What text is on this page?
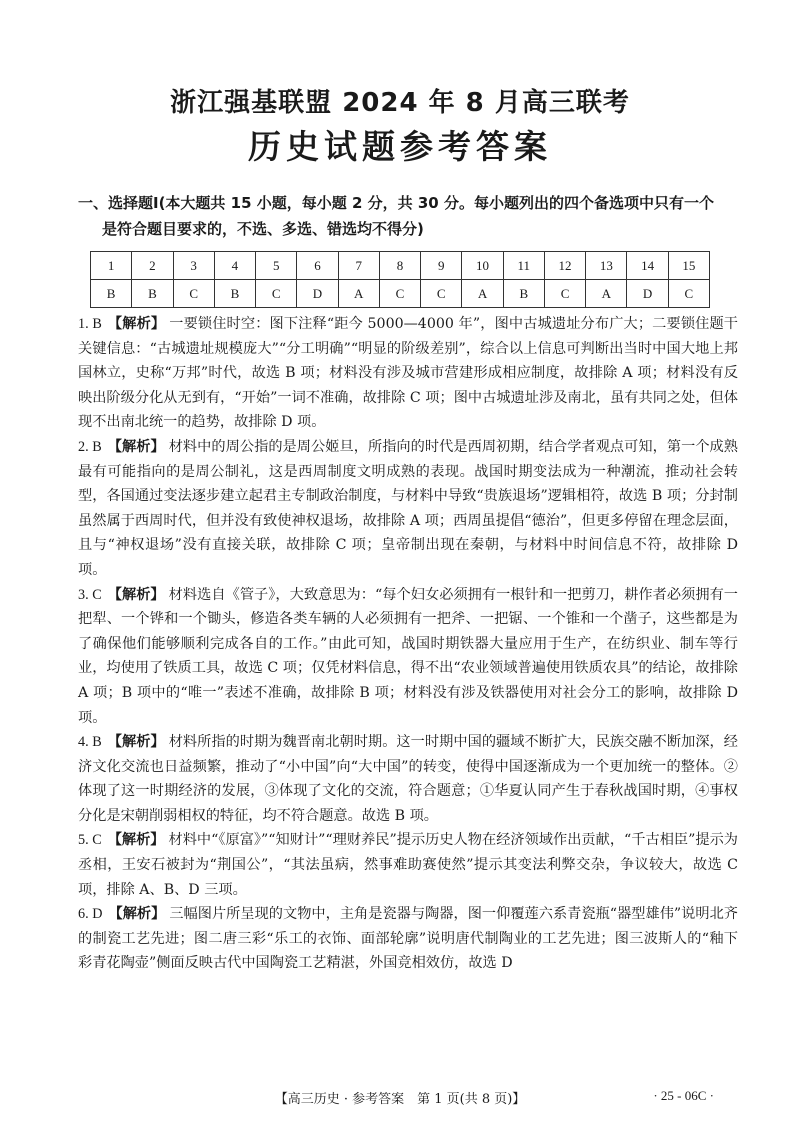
浙江强基联盟 2024 年 8 月高三联考
历史试题参考答案
一、选择题Ⅰ(本大题共 15 小题，每小题 2 分，共 30 分。每小题列出的四个备选项中只有一个
是符合题目要求的，不选、多选、错选均不得分)
1	2	3	4	5	6	7	8	9	10	11	12	13	14	15
B	B	C	B	C	D	A	C	C	A	B	C	A	D	C

1. B 【解析】 一要锁住时空：图下注释“距今 5000—4000 年”，图中古城遗址分布广大；二要锁住题干关键信息：“古城遗址规模庞大”“分工明确”“明显的阶级差别”，综合以上信息可判断出当时中国大地上邦国林立，史称“万邦”时代，故选 B 项；材料没有涉及城市营建形成相应制度，故排除 A 项；材料没有反映出阶级分化从无到有，“开始”一词不准确，故排除 C 项；图中古城遗址涉及南北，虽有共同之处，但体现不出南北统一的趋势，故排除 D 项。

2. B 【解析】 材料中的周公指的是周公姬旦，所指向的时代是西周初期，结合学者观点可知，第一个成熟最有可能指向的是周公制礼，这是西周制度文明成熟的表现。战国时期变法成为一种潮流，推动社会转型，各国通过变法逐步建立起君主专制政治制度，与材料中导致“贵族退场”逻辑相符，故选 B 项；分封制虽然属于西周时代，但并没有致使神权退场，故排除 A 项；西周虽提倡“德治”，但更多停留在理念层面，且与“神权退场”没有直接关联，故排除 C 项；皇帝制出现在秦朝，与材料中时间信息不符，故排除 D 项。

3. C 【解析】 材料选自《管子》，大致意思为：“每个妇女必须拥有一根针和一把剪刀，耕作者必须拥有一把犁、一个铧和一个锄头，修造各类车辆的人必须拥有一把斧、一把锯、一个锥和一个凿子，这些都是为了确保他们能够顺利完成各自的工作。”由此可知，战国时期铁器大量应用于生产，在纺织业、制车等行业，均使用了铁质工具，故选 C 项；仅凭材料信息，得不出“农业领域普遍使用铁质农具”的结论，故排除 A 项；B 项中的“唯一”表述不准确，故排除 B 项；材料没有涉及铁器使用对社会分工的影响，故排除 D 项。

4. B 【解析】 材料所指的时期为魏晋南北朝时期。这一时期中国的疆域不断扩大，民族交融不断加深，经济文化交流也日益频繁，推动了“小中国”向“大中国”的转变，使得中国逐渐成为一个更加统一的整体。②体现了这一时期经济的发展，③体现了文化的交流，符合题意；①华夏认同产生于春秋战国时期，④事权分化是宋朝削弱相权的特征，均不符合题意。故选 B 项。

5. C 【解析】 材料中“《原富》”“知财计”“理财养民”提示历史人物在经济领域作出贡献，“千古相臣”提示为丞相，王安石被封为“荆国公”，“其法虽病，然事难助赛使然”提示其变法利弊交杂，争议较大，故选 C 项，排除 A、B、D 三项。

6. D 【解析】 三幅图片所呈现的文物中，主角是瓷器与陶器，图一仰覆莲六系青瓷瓶“器型雄伟”说明北齐的制瓷工艺先进；图二唐三彩“乐工的衣饰、面部轮廓”说明唐代制陶业的工艺先进；图三波斯人的“釉下彩青花陶壶”侧面反映古代中国陶瓷工艺精湛，外国竞相效仿，故选 D

【高三历史 · 参考答案　第 1 页(共 8 页)】	· 25 - 06C ·
